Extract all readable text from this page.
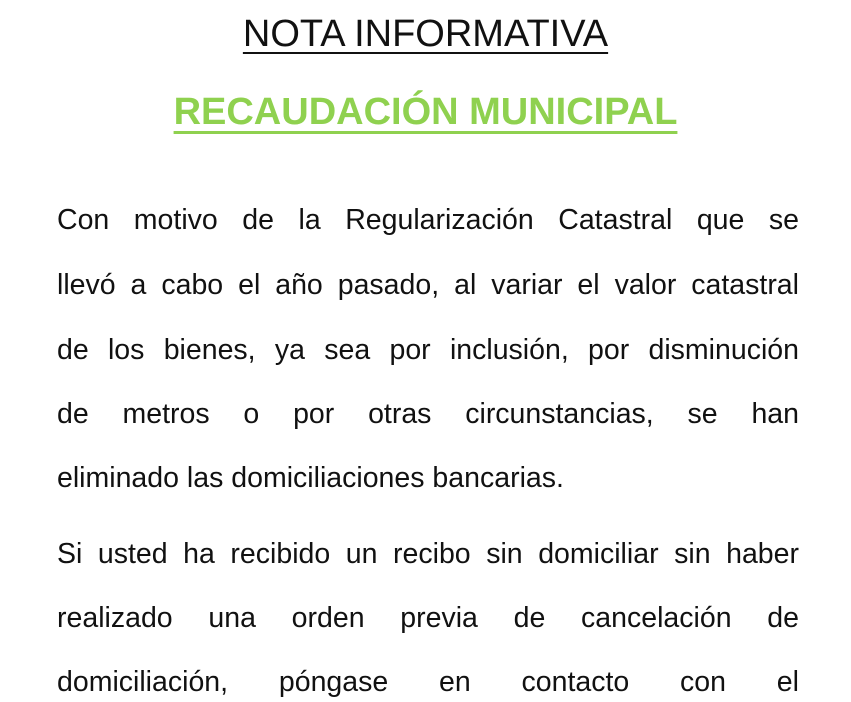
NOTA INFORMATIVA
RECAUDACIÓN MUNICIPAL
Con motivo de la Regularización Catastral que se
llevó a cabo el año pasado, al variar el valor catastral
de los bienes, ya sea por inclusión, por disminución
de metros o por otras circunstancias, se han
eliminado las domiciliaciones bancarias.
Si usted ha recibido un recibo sin domiciliar sin haber
realizado una orden previa de cancelación de
domiciliación, póngase en contacto con el
